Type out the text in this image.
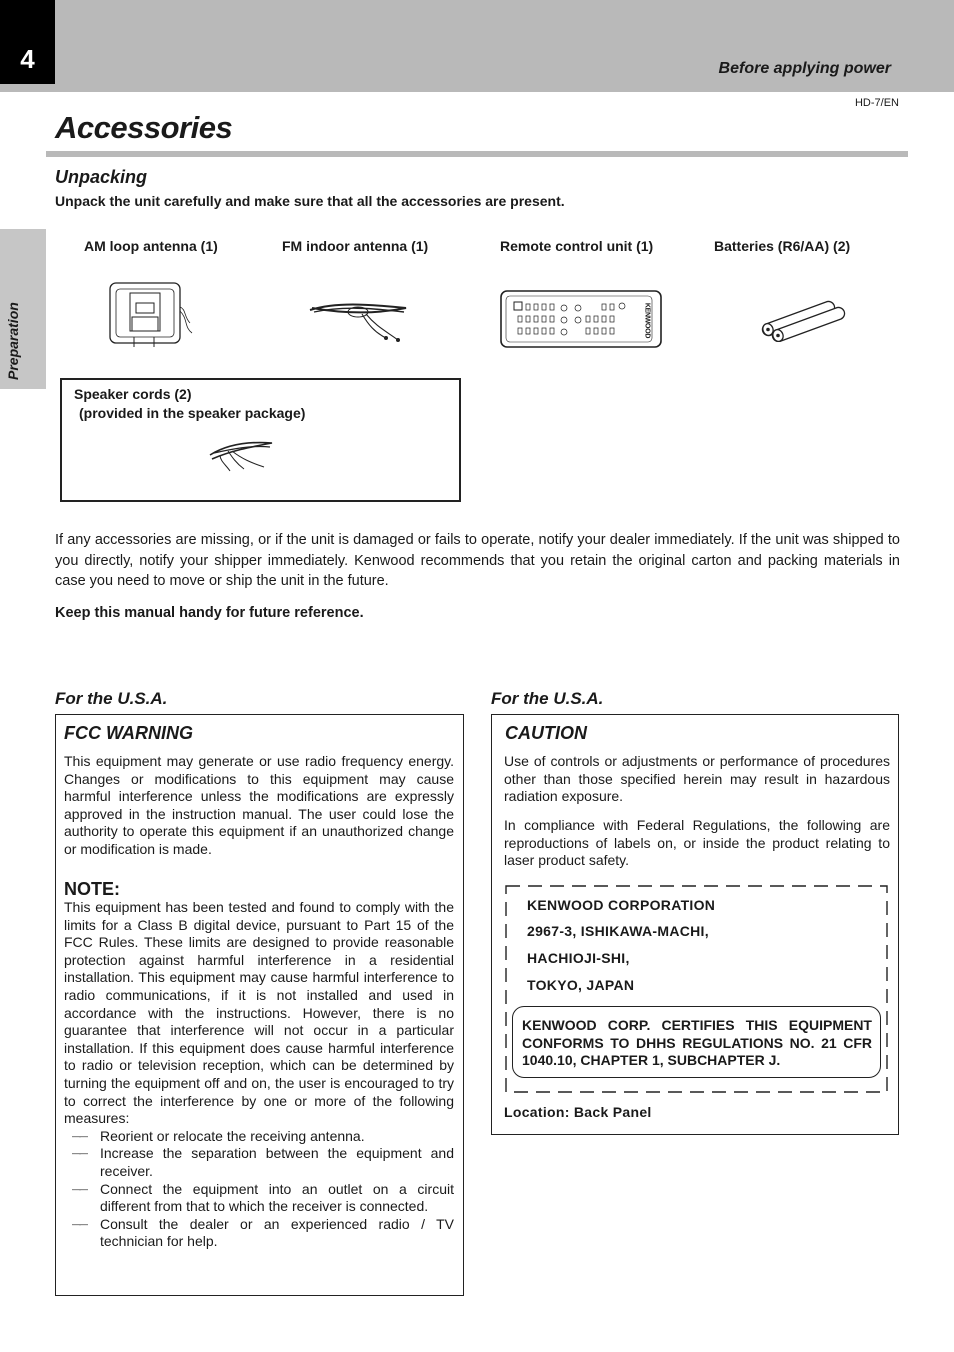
4	Before applying power
HD-7/EN
Preparation
Accessories
Unpacking
Unpack the unit carefully and make sure that all the accessories are present.
AM loop antenna (1)	FM indoor antenna (1)	Remote control unit (1)	Batteries (R6/AA) (2)
KENWOOD
Speaker cords (2)
(provided in the speaker package)
If any accessories are missing, or if the unit is damaged or fails to operate, notify your dealer immediately. If the unit was shipped to you directly, notify your shipper immediately. Kenwood recommends that you retain the original carton and packing materials in case you need to move or ship the unit in the future.
Keep this manual handy for future reference.
For the U.S.A.
FCC WARNING
This equipment may generate or use radio frequency energy. Changes or modifications to this equipment may cause harmful interference unless the modifications are expressly approved in the instruction manual. The user could lose the authority to operate this equipment if an unauthorized change or modification is made.
NOTE:
This equipment has been tested and found to comply with the limits for a Class B digital device, pursuant to Part 15 of the FCC Rules. These limits are designed to provide reasonable protection against harmful interference in a residential installation. This equipment may cause harmful interference to radio communications, if it is not installed and used in accordance with the instructions. However, there is no guarantee that interference will not occur in a particular installation. If this equipment does cause harmful interference to radio or television reception, which can be determined by turning the equipment off and on, the user is encouraged to try to correct the interference by one or more of the following measures:
—— Reorient or relocate the receiving antenna.
—— Increase the separation between the equipment and receiver.
—— Connect the equipment into an outlet on a circuit different from that to which the receiver is connected.
—— Consult the dealer or an experienced radio / TV technician for help.
For the U.S.A.
CAUTION
Use of controls or adjustments or performance of procedures other than those specified herein may result in hazardous radiation exposure.
In compliance with Federal Regulations, the following are reproductions of labels on, or inside the product relating to laser product safety.
KENWOOD CORPORATION
2967-3, ISHIKAWA-MACHI,
HACHIOJI-SHI,
TOKYO, JAPAN
KENWOOD CORP. CERTIFIES THIS EQUIPMENT CONFORMS TO DHHS REGULATIONS NO. 21 CFR 1040.10, CHAPTER 1, SUBCHAPTER J.
Location: Back Panel
